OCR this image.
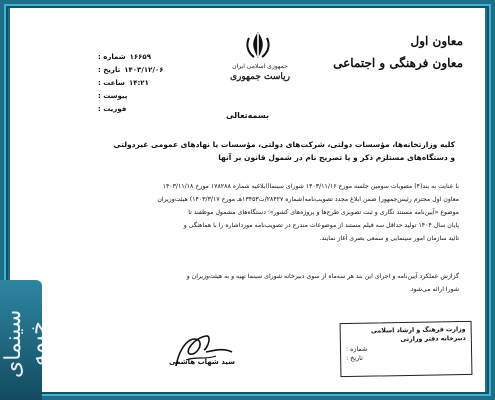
معاون اول
معاون فرهنگی و اجتماعی
جمهوری اسلامی ایران
ریاست جمهوری
شماره : ۱۶۶۵۹
تاریخ : ۱۴۰۳/۱۲/۰۶
ساعت : ۱۴:۲۱
پیوست :
فوریت :
بسمه‌تعالی
کلیه وزارتخانه‌ها، مؤسسات دولتی، شرکت‌های دولتی، مؤسسات یا نهادهای عمومی غیردولتی
و دستگاه‌های مستلزم ذکر و یا تصریح نام در شمول قانون بر آنها

با عنایت به بند(۴) مصوبات سومین جلسه مورخ ۱۴۰۳/۱۱/۱۶ شورای سینما(ابلاغیه شماره ۱۷۸۲۸۸ مورخ ۱۴۰۳/۱۱/۱۸

معاون اول محترم رئیس‌جمهور) ضمن ابلاغ مجدد تصویب‌نامه(شماره ۲۸۴۲۷/ت۱۳۴۵۳هـ مورخ ۱۴۰۳/۳/۱۷) هیئت‌وزیران

موضوع «آیین‌نامه مستند نگاری و ثبت تصویری طرح‌ها و پروژه‌های کشور»؛ دستگاه‌های مشمول موظفند تا

پایان سال ۱۴۰۴ تولید حداقل سه فیلم مستند از موضوعات مندرج در تصویب‌نامه مورداشاره را با هماهنگی و

تائید سازمان امور سینمایی و سمعی بصری آغاز نمایند.

گزارش عملکرد آیین‌نامه و اجرای این بند هر سه‌ماه از سوی دبیرخانه شورای سینما تهیه و به هیئت‌وزیران و

شورا ارائه می‌شود.

سید شهاب هاشمی
وزارت فرهنگ و ارشاد اسلامی
دبیرخانه دفتر وزارتی
شماره :
تاریخ :
سینمای خیمه
